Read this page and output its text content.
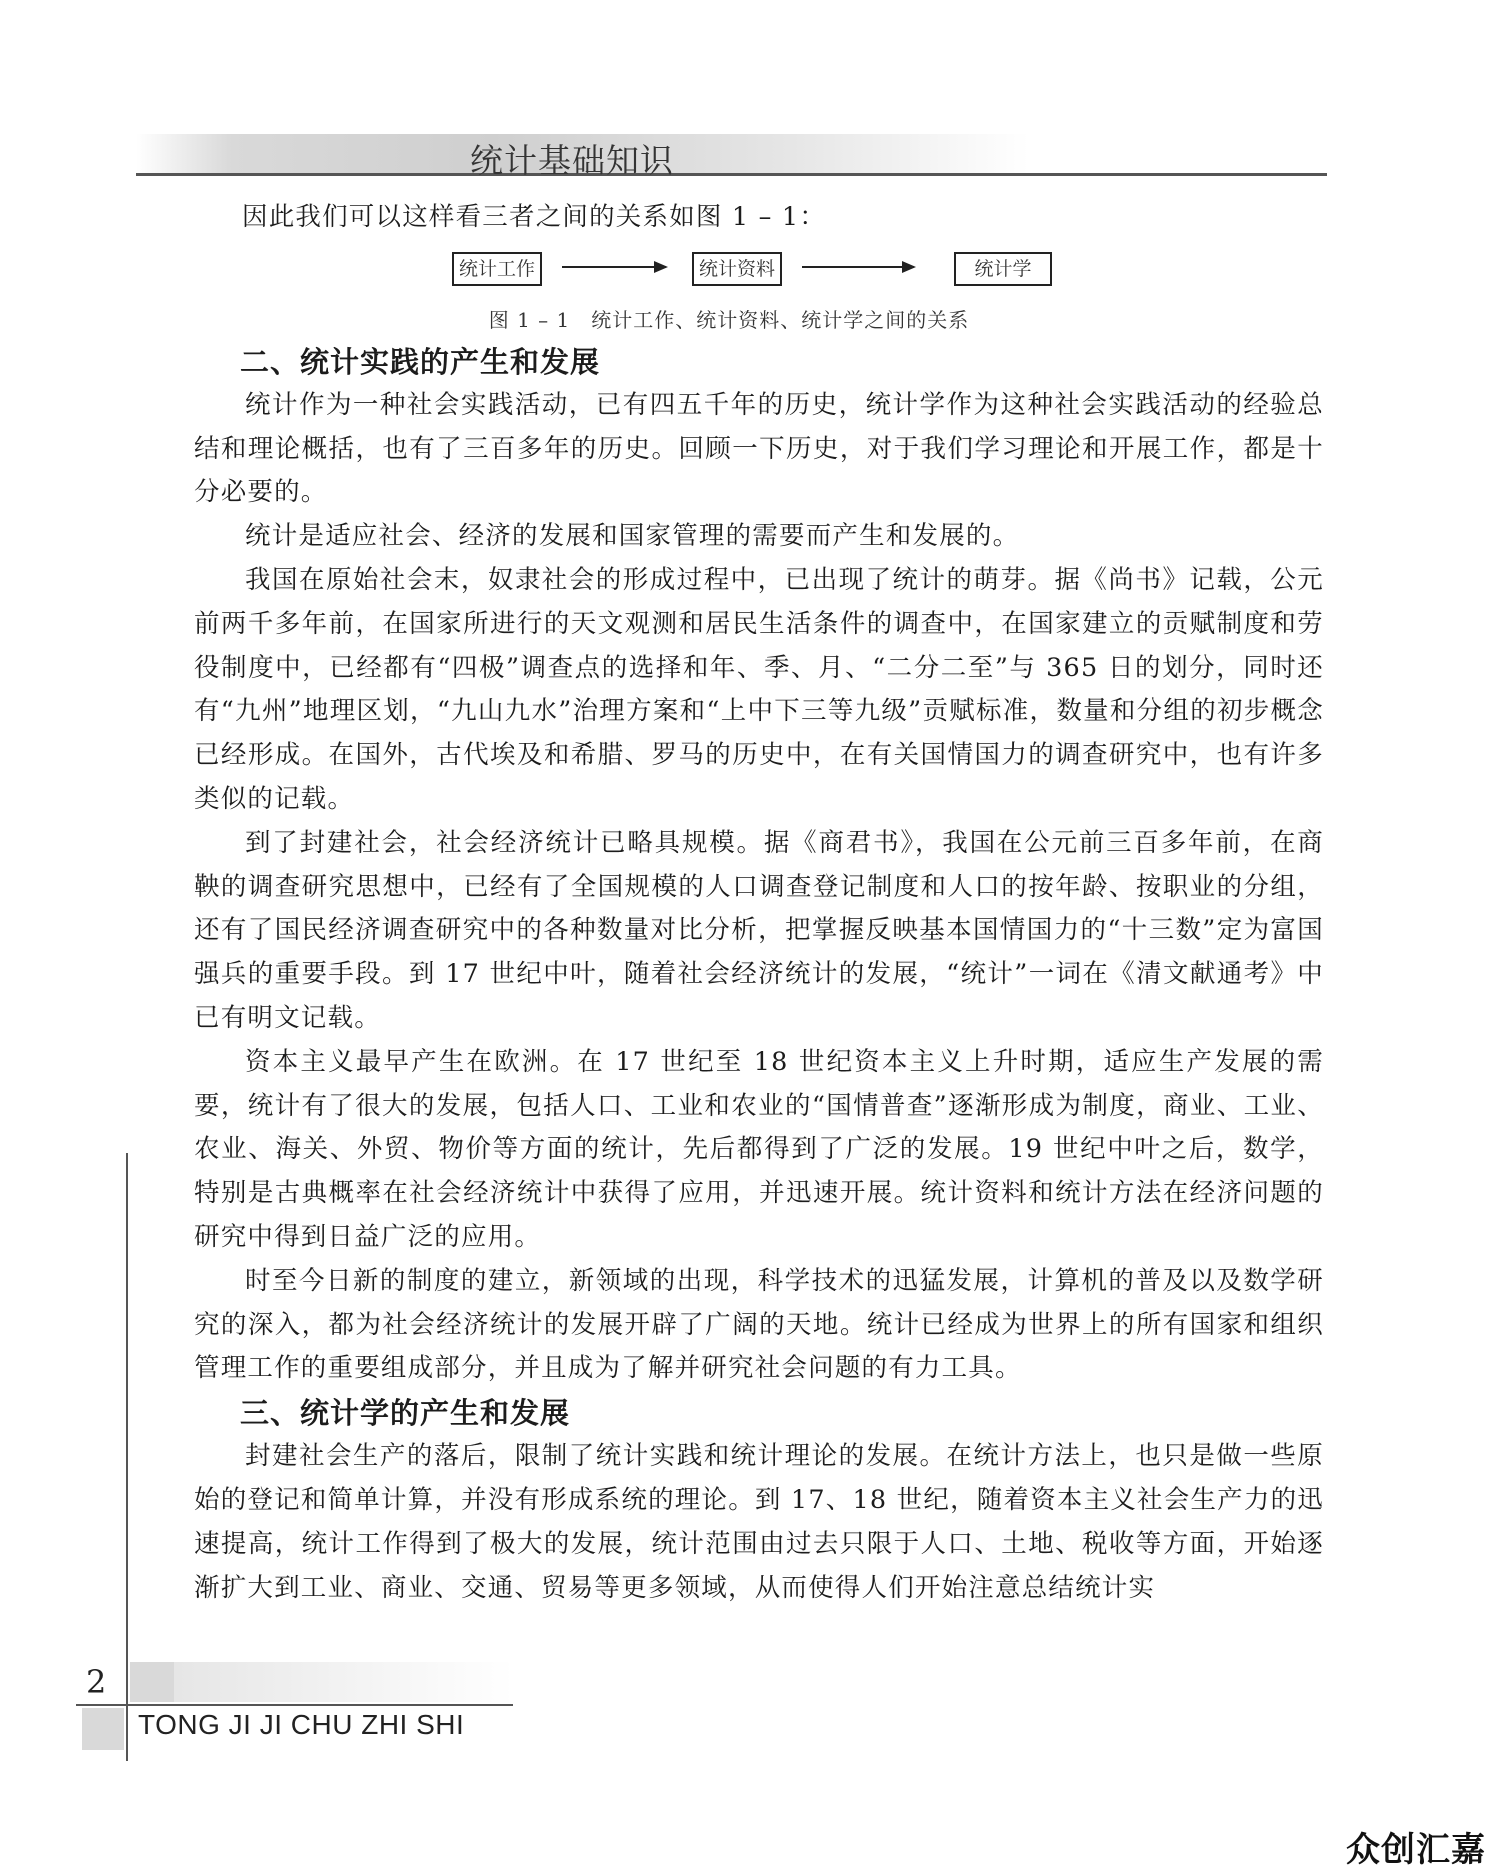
统计基础知识

因此我们可以这样看三者之间的关系如图 1 – 1：

统计工作	统计资料	统计学

图 1 – 1　统计工作、统计资料、统计学之间的关系

二、统计实践的产生和发展

统计作为一种社会实践活动，已有四五千年的历史，统计学作为这种社会实践活动的经验总结和理论概括，也有了三百多年的历史。回顾一下历史，对于我们学习理论和开展工作，都是十分必要的。

统计是适应社会、经济的发展和国家管理的需要而产生和发展的。

我国在原始社会末，奴隶社会的形成过程中，已出现了统计的萌芽。据《尚书》记载，公元前两千多年前，在国家所进行的天文观测和居民生活条件的调查中，在国家建立的贡赋制度和劳役制度中，已经都有“四极”调查点的选择和年、季、月、“二分二至”与 365 日的划分，同时还有“九州”地理区划，“九山九水”治理方案和“上中下三等九级”贡赋标准，数量和分组的初步概念已经形成。在国外，古代埃及和希腊、罗马的历史中，在有关国情国力的调查研究中，也有许多类似的记载。

到了封建社会，社会经济统计已略具规模。据《商君书》，我国在公元前三百多年前，在商鞅的调查研究思想中，已经有了全国规模的人口调查登记制度和人口的按年龄、按职业的分组，还有了国民经济调查研究中的各种数量对比分析，把掌握反映基本国情国力的“十三数”定为富国强兵的重要手段。到 17 世纪中叶，随着社会经济统计的发展，“统计”一词在《清文献通考》中已有明文记载。

资本主义最早产生在欧洲。在 17 世纪至 18 世纪资本主义上升时期，适应生产发展的需要，统计有了很大的发展，包括人口、工业和农业的“国情普查”逐渐形成为制度，商业、工业、农业、海关、外贸、物价等方面的统计，先后都得到了广泛的发展。19 世纪中叶之后，数学，特别是古典概率在社会经济统计中获得了应用，并迅速开展。统计资料和统计方法在经济问题的研究中得到日益广泛的应用。

时至今日新的制度的建立，新领域的出现，科学技术的迅猛发展，计算机的普及以及数学研究的深入，都为社会经济统计的发展开辟了广阔的天地。统计已经成为世界上的所有国家和组织管理工作的重要组成部分，并且成为了解并研究社会问题的有力工具。

三、统计学的产生和发展

封建社会生产的落后，限制了统计实践和统计理论的发展。在统计方法上，也只是做一些原始的登记和简单计算，并没有形成系统的理论。到 17、18 世纪，随着资本主义社会生产力的迅速提高，统计工作得到了极大的发展，统计范围由过去只限于人口、土地、税收等方面，开始逐渐扩大到工业、商业、交通、贸易等更多领域，从而使得人们开始注意总结统计实

2
TONG JI JI CHU ZHI SHI
众创汇嘉
